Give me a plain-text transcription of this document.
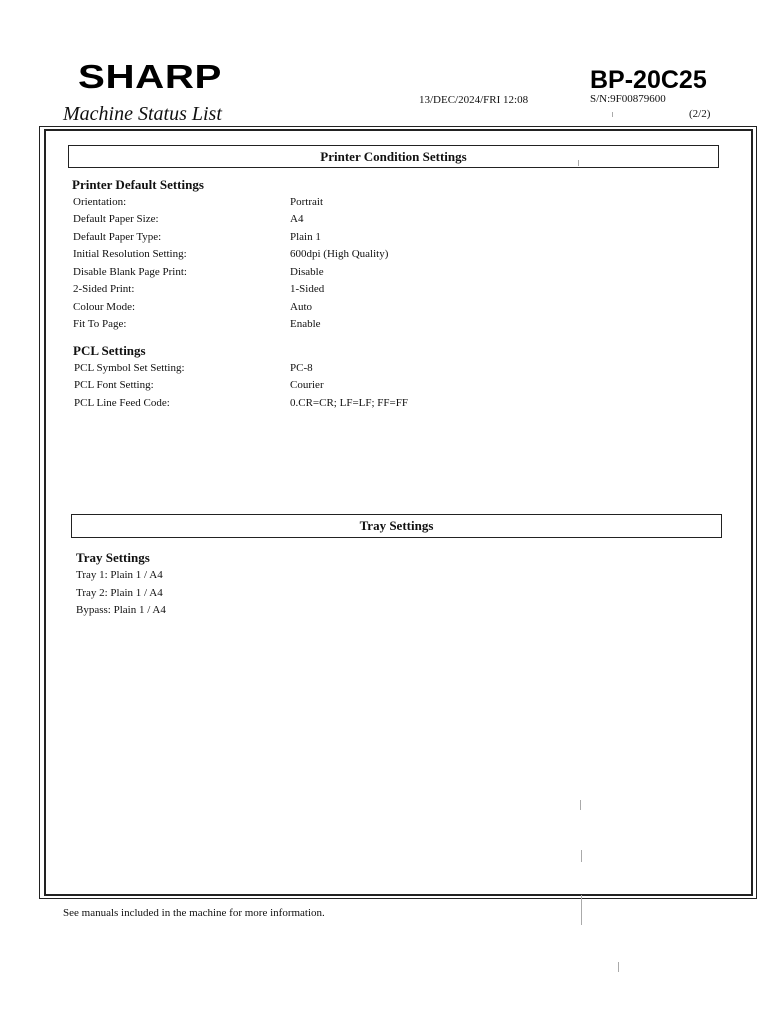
SHARP	BP-20C25
13/DEC/2024/FRI 12:08	S/N:9F00879600
Machine Status List	(2/2)
Printer Condition Settings
Printer Default Settings
Orientation:	Portrait
Default Paper Size:	A4
Default Paper Type:	Plain 1
Initial Resolution Setting:	600dpi (High Quality)
Disable Blank Page Print:	Disable
2-Sided Print:	1-Sided
Colour Mode:	Auto
Fit To Page:	Enable
PCL Settings
PCL Symbol Set Setting:	PC-8
PCL Font Setting:	Courier
PCL Line Feed Code:	0.CR=CR; LF=LF; FF=FF
Tray Settings
Tray Settings
Tray 1: Plain 1 / A4
Tray 2: Plain 1 / A4
Bypass: Plain 1 / A4
See manuals included in the machine for more information.
